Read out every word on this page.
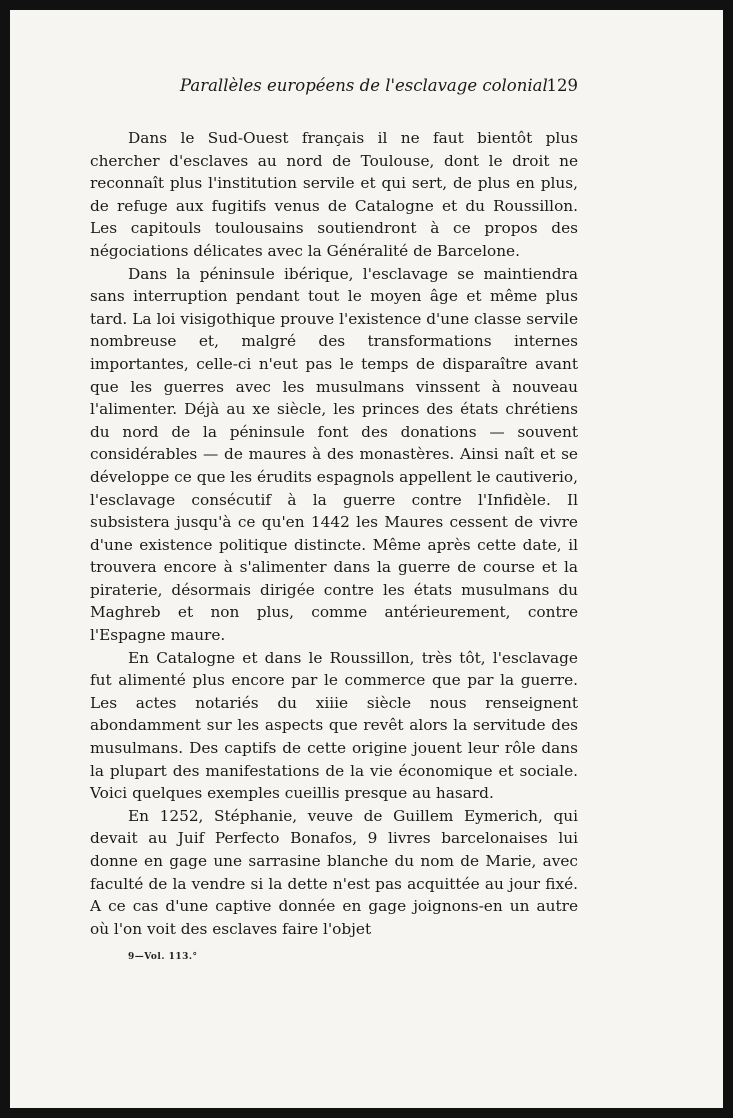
Parallèles européens de l'esclavage colonial
129

Dans le Sud-Ouest français il ne faut bientôt plus chercher d'esclaves au nord de Toulouse, dont le droit ne reconnaît plus l'institution servile et qui sert, de plus en plus, de refuge aux fugitifs venus de Catalogne et du Roussillon. Les capitouls toulousains soutiendront à ce propos des négociations délicates avec la Généralité de Barcelone.

Dans la péninsule ibérique, l'esclavage se maintiendra sans interruption pendant tout le moyen âge et même plus tard. La loi visigothique prouve l'existence d'une classe servile nombreuse et, malgré des transformations internes importantes, celle-ci n'eut pas le temps de disparaître avant que les guerres avec les musulmans vinssent à nouveau l'alimenter. Déjà au xe siècle, les princes des états chrétiens du nord de la péninsule font des donations — souvent considérables — de maures à des monastères. Ainsi naît et se développe ce que les érudits espagnols appellent le cautiverio, l'esclavage consécutif à la guerre contre l'Infidèle. Il subsistera jusqu'à ce qu'en 1442 les Maures cessent de vivre d'une existence politique distincte. Même après cette date, il trouvera encore à s'alimenter dans la guerre de course et la piraterie, désormais dirigée contre les états musulmans du Maghreb et non plus, comme antérieurement, contre l'Espagne maure.

En Catalogne et dans le Roussillon, très tôt, l'esclavage fut alimenté plus encore par le commerce que par la guerre. Les actes notariés du xiiie siècle nous renseignent abondamment sur les aspects que revêt alors la servitude des musulmans. Des captifs de cette origine jouent leur rôle dans la plupart des manifestations de la vie économique et sociale. Voici quelques exemples cueillis presque au hasard.

En 1252, Stéphanie, veuve de Guillem Eymerich, qui devait au Juif Perfecto Bonafos, 9 livres barcelonaises lui donne en gage une sarrasine blanche du nom de Marie, avec faculté de la vendre si la dette n'est pas acquittée au jour fixé. A ce cas d'une captive donnée en gage joignons-en un autre où l'on voit des esclaves faire l'objet

9—Vol. 113.°
